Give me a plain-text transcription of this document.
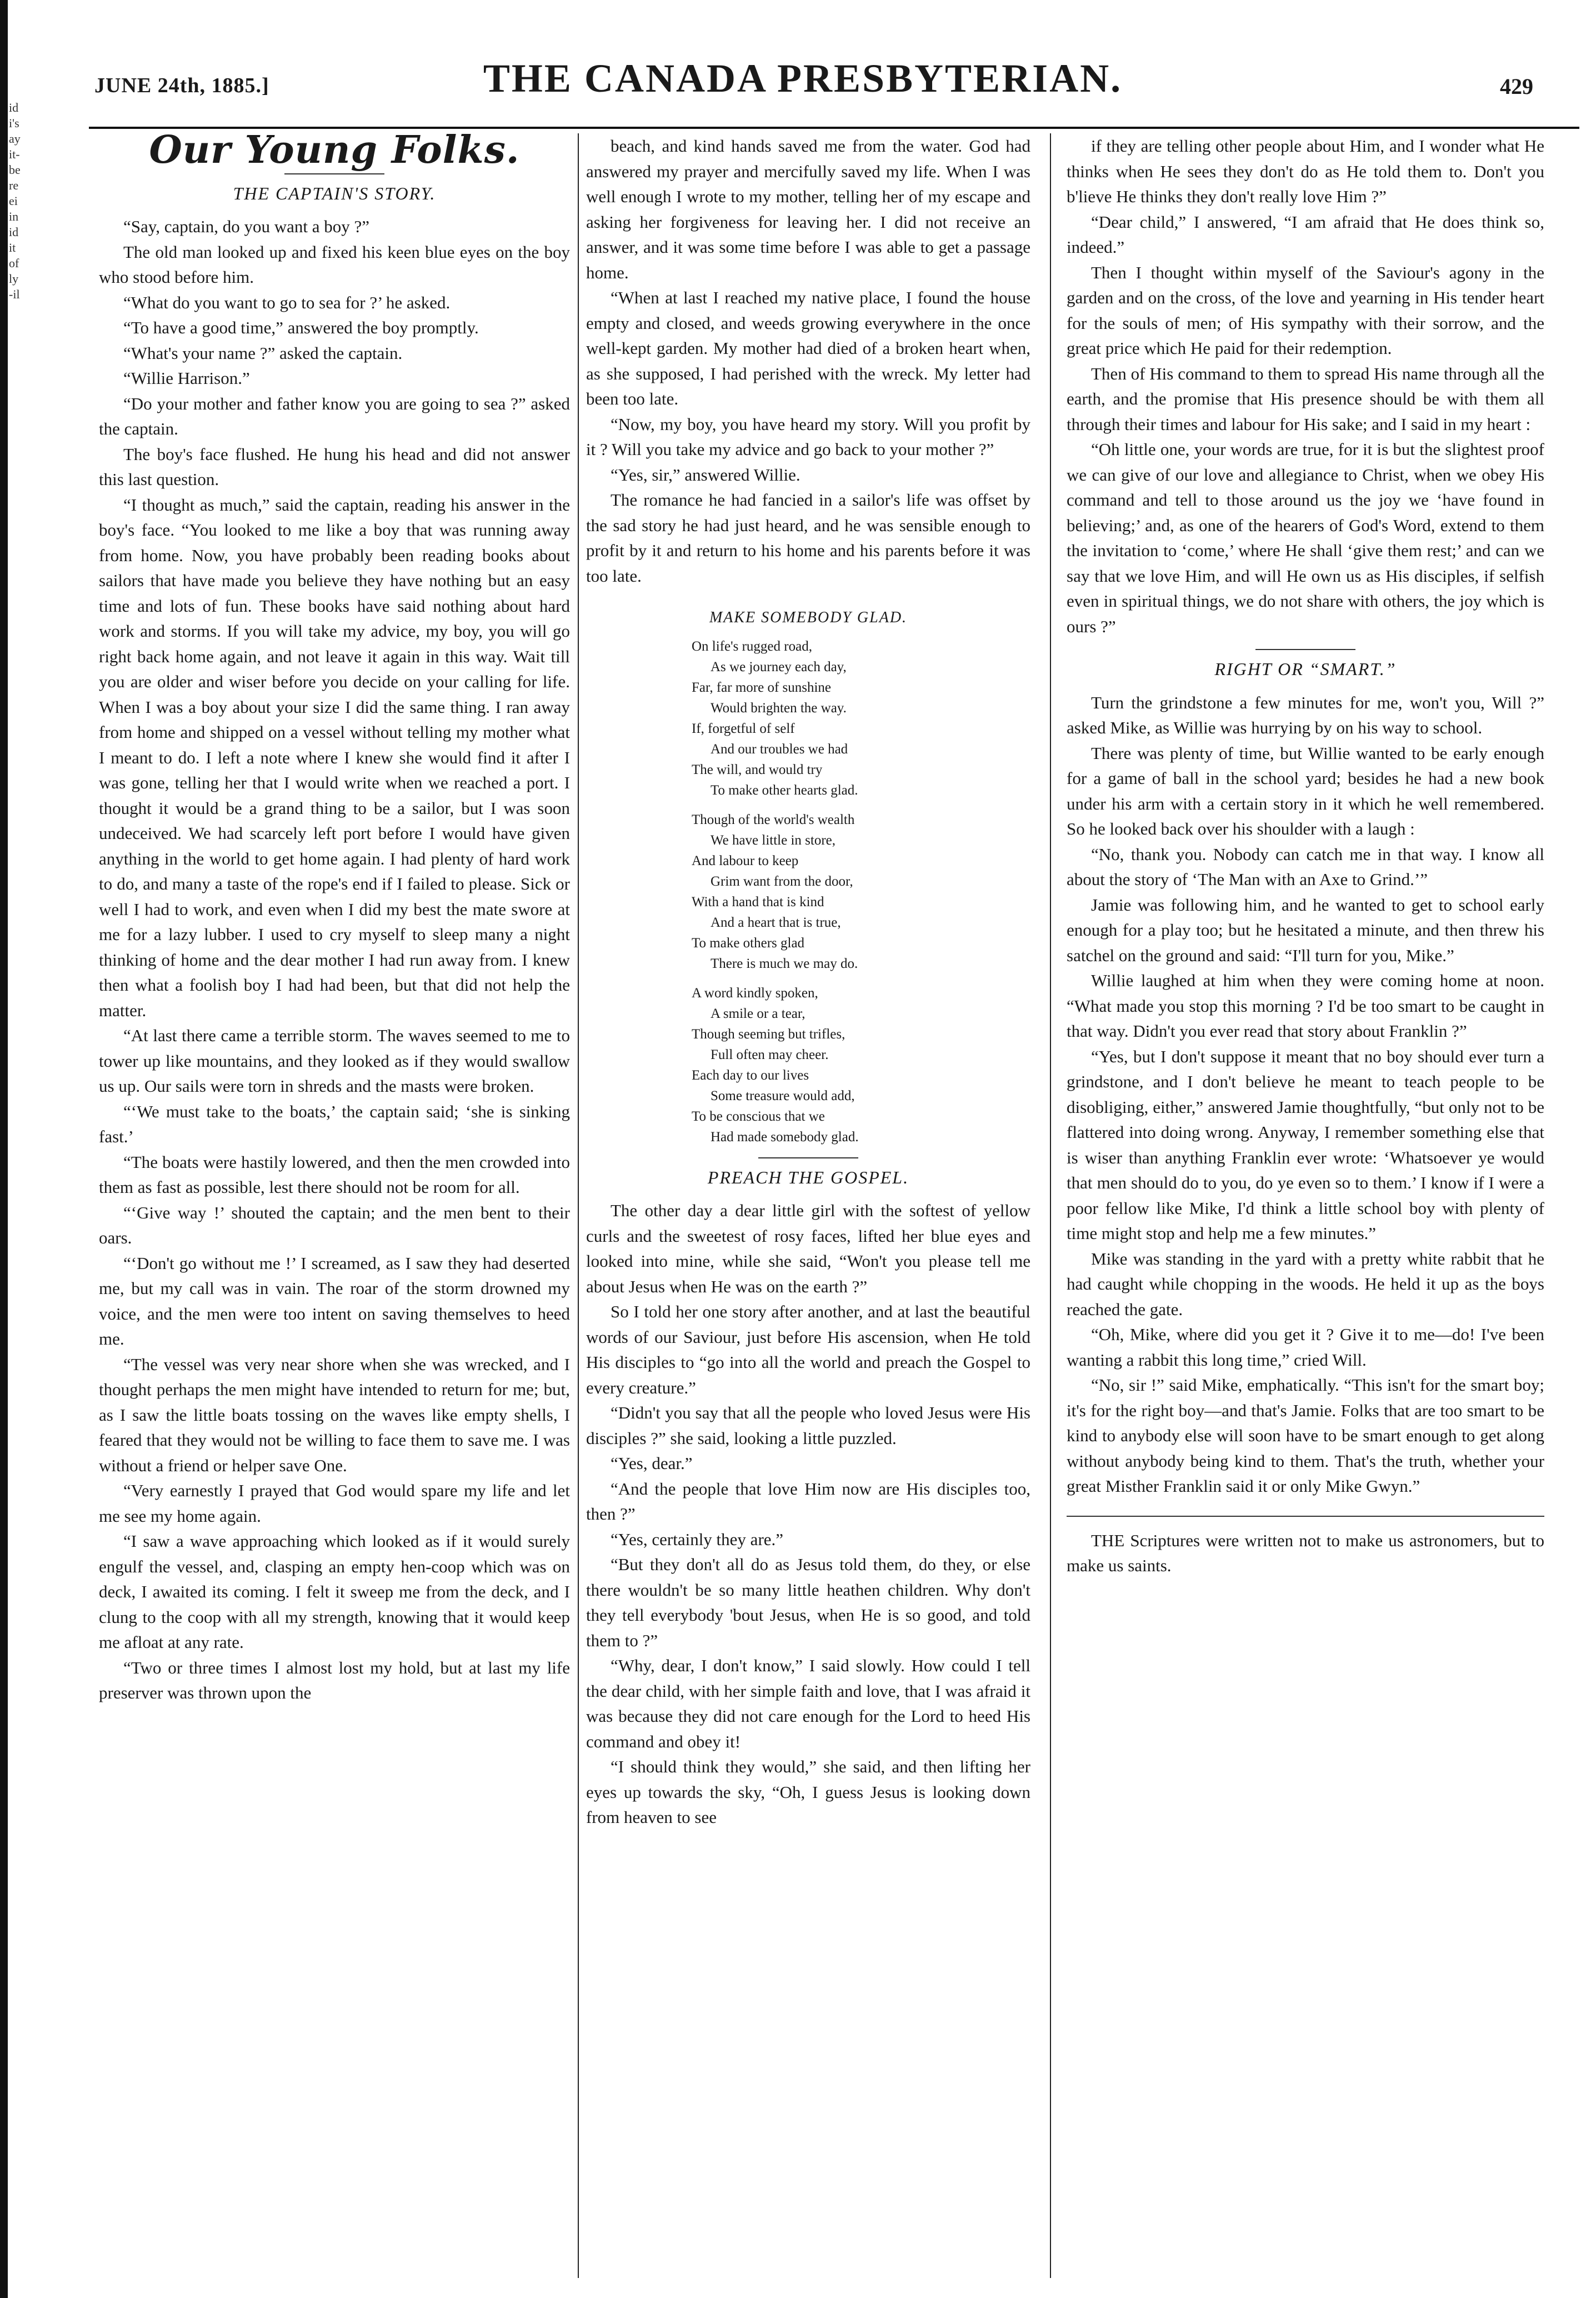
id
i's
ay
it-
be
re
ei
in
id
it
of
ly
-il
JUNE 24th, 1885.]	THE CANADA PRESBYTERIAN.	429
Our Young Folks.
THE CAPTAIN'S STORY.

“Say, captain, do you want a boy ?”

The old man looked up and fixed his keen blue eyes on the boy who stood before him.

“What do you want to go to sea for ?’ he asked.

“To have a good time,” answered the boy promptly.

“What's your name ?” asked the captain.

“Willie Harrison.”

“Do your mother and father know you are going to sea ?” asked the captain.

The boy's face flushed. He hung his head and did not answer this last question.

“I thought as much,” said the captain, reading his answer in the boy's face. “You looked to me like a boy that was running away from home. Now, you have probably been reading books about sailors that have made you believe they have nothing but an easy time and lots of fun. These books have said nothing about hard work and storms. If you will take my advice, my boy, you will go right back home again, and not leave it again in this way. Wait till you are older and wiser before you decide on your calling for life. When I was a boy about your size I did the same thing. I ran away from home and shipped on a vessel without telling my mother what I meant to do. I left a note where I knew she would find it after I was gone, telling her that I would write when we reached a port. I thought it would be a grand thing to be a sailor, but I was soon undeceived. We had scarcely left port before I would have given anything in the world to get home again. I had plenty of hard work to do, and many a taste of the rope's end if I failed to please. Sick or well I had to work, and even when I did my best the mate swore at me for a lazy lubber. I used to cry myself to sleep many a night thinking of home and the dear mother I had run away from. I knew then what a foolish boy I had had been, but that did not help the matter.

“At last there came a terrible storm. The waves seemed to me to tower up like mountains, and they looked as if they would swallow us up. Our sails were torn in shreds and the masts were broken.

“‘We must take to the boats,’ the captain said; ‘she is sinking fast.’

“The boats were hastily lowered, and then the men crowded into them as fast as possible, lest there should not be room for all.

“‘Give way !’ shouted the captain; and the men bent to their oars.

“‘Don't go without me !’ I screamed, as I saw they had deserted me, but my call was in vain. The roar of the storm drowned my voice, and the men were too intent on saving themselves to heed me.

“The vessel was very near shore when she was wrecked, and I thought perhaps the men might have intended to return for me; but, as I saw the little boats tossing on the waves like empty shells, I feared that they would not be willing to face them to save me. I was without a friend or helper save One.

“Very earnestly I prayed that God would spare my life and let me see my home again.

“I saw a wave approaching which looked as if it would surely engulf the vessel, and, clasping an empty hen-coop which was on deck, I awaited its coming. I felt it sweep me from the deck, and I clung to the coop with all my strength, knowing that it would keep me afloat at any rate.

“Two or three times I almost lost my hold, but at last my life preserver was thrown upon the

beach, and kind hands saved me from the water. God had answered my prayer and mercifully saved my life. When I was well enough I wrote to my mother, telling her of my escape and asking her forgiveness for leaving her. I did not receive an answer, and it was some time before I was able to get a passage home.

“When at last I reached my native place, I found the house empty and closed, and weeds growing everywhere in the once well-kept garden. My mother had died of a broken heart when, as she supposed, I had perished with the wreck. My letter had been too late.

“Now, my boy, you have heard my story. Will you profit by it ? Will you take my advice and go back to your mother ?”

“Yes, sir,” answered Willie.

The romance he had fancied in a sailor's life was offset by the sad story he had just heard, and he was sensible enough to profit by it and return to his home and his parents before it was too late.

MAKE SOMEBODY GLAD.
On life's rugged road,
As we journey each day,
Far, far more of sunshine
Would brighten the way.
If, forgetful of self
And our troubles we had
The will, and would try
To make other hearts glad.
Though of the world's wealth
We have little in store,
And labour to keep
Grim want from the door,
With a hand that is kind
And a heart that is true,
To make others glad
There is much we may do.
A word kindly spoken,
A smile or a tear,
Though seeming but trifles,
Full often may cheer.
Each day to our lives
Some treasure would add,
To be conscious that we
Had made somebody glad.
PREACH THE GOSPEL.

The other day a dear little girl with the softest of yellow curls and the sweetest of rosy faces, lifted her blue eyes and looked into mine, while she said, “Won't you please tell me about Jesus when He was on the earth ?”

So I told her one story after another, and at last the beautiful words of our Saviour, just before His ascension, when He told His disciples to “go into all the world and preach the Gospel to every creature.”

“Didn't you say that all the people who loved Jesus were His disciples ?” she said, looking a little puzzled.

“Yes, dear.”

“And the people that love Him now are His disciples too, then ?”

“Yes, certainly they are.”

“But they don't all do as Jesus told them, do they, or else there wouldn't be so many little heathen children. Why don't they tell everybody 'bout Jesus, when He is so good, and told them to ?”

“Why, dear, I don't know,” I said slowly. How could I tell the dear child, with her simple faith and love, that I was afraid it was because they did not care enough for the Lord to heed His command and obey it!

“I should think they would,” she said, and then lifting her eyes up towards the sky, “Oh, I guess Jesus is looking down from heaven to see

if they are telling other people about Him, and I wonder what He thinks when He sees they don't do as He told them to. Don't you b'lieve He thinks they don't really love Him ?”

“Dear child,” I answered, “I am afraid that He does think so, indeed.”

Then I thought within myself of the Saviour's agony in the garden and on the cross, of the love and yearning in His tender heart for the souls of men; of His sympathy with their sorrow, and the great price which He paid for their redemption.

Then of His command to them to spread His name through all the earth, and the promise that His presence should be with them all through their times and labour for His sake; and I said in my heart :

“Oh little one, your words are true, for it is but the slightest proof we can give of our love and allegiance to Christ, when we obey His command and tell to those around us the joy we ‘have found in believing;’ and, as one of the hearers of God's Word, extend to them the invitation to ‘come,’ where He shall ‘give them rest;’ and can we say that we love Him, and will He own us as His disciples, if selfish even in spiritual things, we do not share with others, the joy which is ours ?”

RIGHT OR “SMART.”

Turn the grindstone a few minutes for me, won't you, Will ?” asked Mike, as Willie was hurrying by on his way to school.

There was plenty of time, but Willie wanted to be early enough for a game of ball in the school yard; besides he had a new book under his arm with a certain story in it which he well remembered. So he looked back over his shoulder with a laugh :

“No, thank you. Nobody can catch me in that way. I know all about the story of ‘The Man with an Axe to Grind.’”

Jamie was following him, and he wanted to get to school early enough for a play too; but he hesitated a minute, and then threw his satchel on the ground and said: “I'll turn for you, Mike.”

Willie laughed at him when they were coming home at noon. “What made you stop this morning ? I'd be too smart to be caught in that way. Didn't you ever read that story about Franklin ?”

“Yes, but I don't suppose it meant that no boy should ever turn a grindstone, and I don't believe he meant to teach people to be disobliging, either,” answered Jamie thoughtfully, “but only not to be flattered into doing wrong. Anyway, I remember something else that is wiser than anything Franklin ever wrote: ‘Whatsoever ye would that men should do to you, do ye even so to them.’ I know if I were a poor fellow like Mike, I'd think a little school boy with plenty of time might stop and help me a few minutes.”

Mike was standing in the yard with a pretty white rabbit that he had caught while chopping in the woods. He held it up as the boys reached the gate.

“Oh, Mike, where did you get it ? Give it to me—do! I've been wanting a rabbit this long time,” cried Will.

“No, sir !” said Mike, emphatically. “This isn't for the smart boy; it's for the right boy—and that's Jamie. Folks that are too smart to be kind to anybody else will soon have to be smart enough to get along without anybody being kind to them. That's the truth, whether your great Misther Franklin said it or only Mike Gwyn.”

THE Scriptures were written not to make us astronomers, but to make us saints.
